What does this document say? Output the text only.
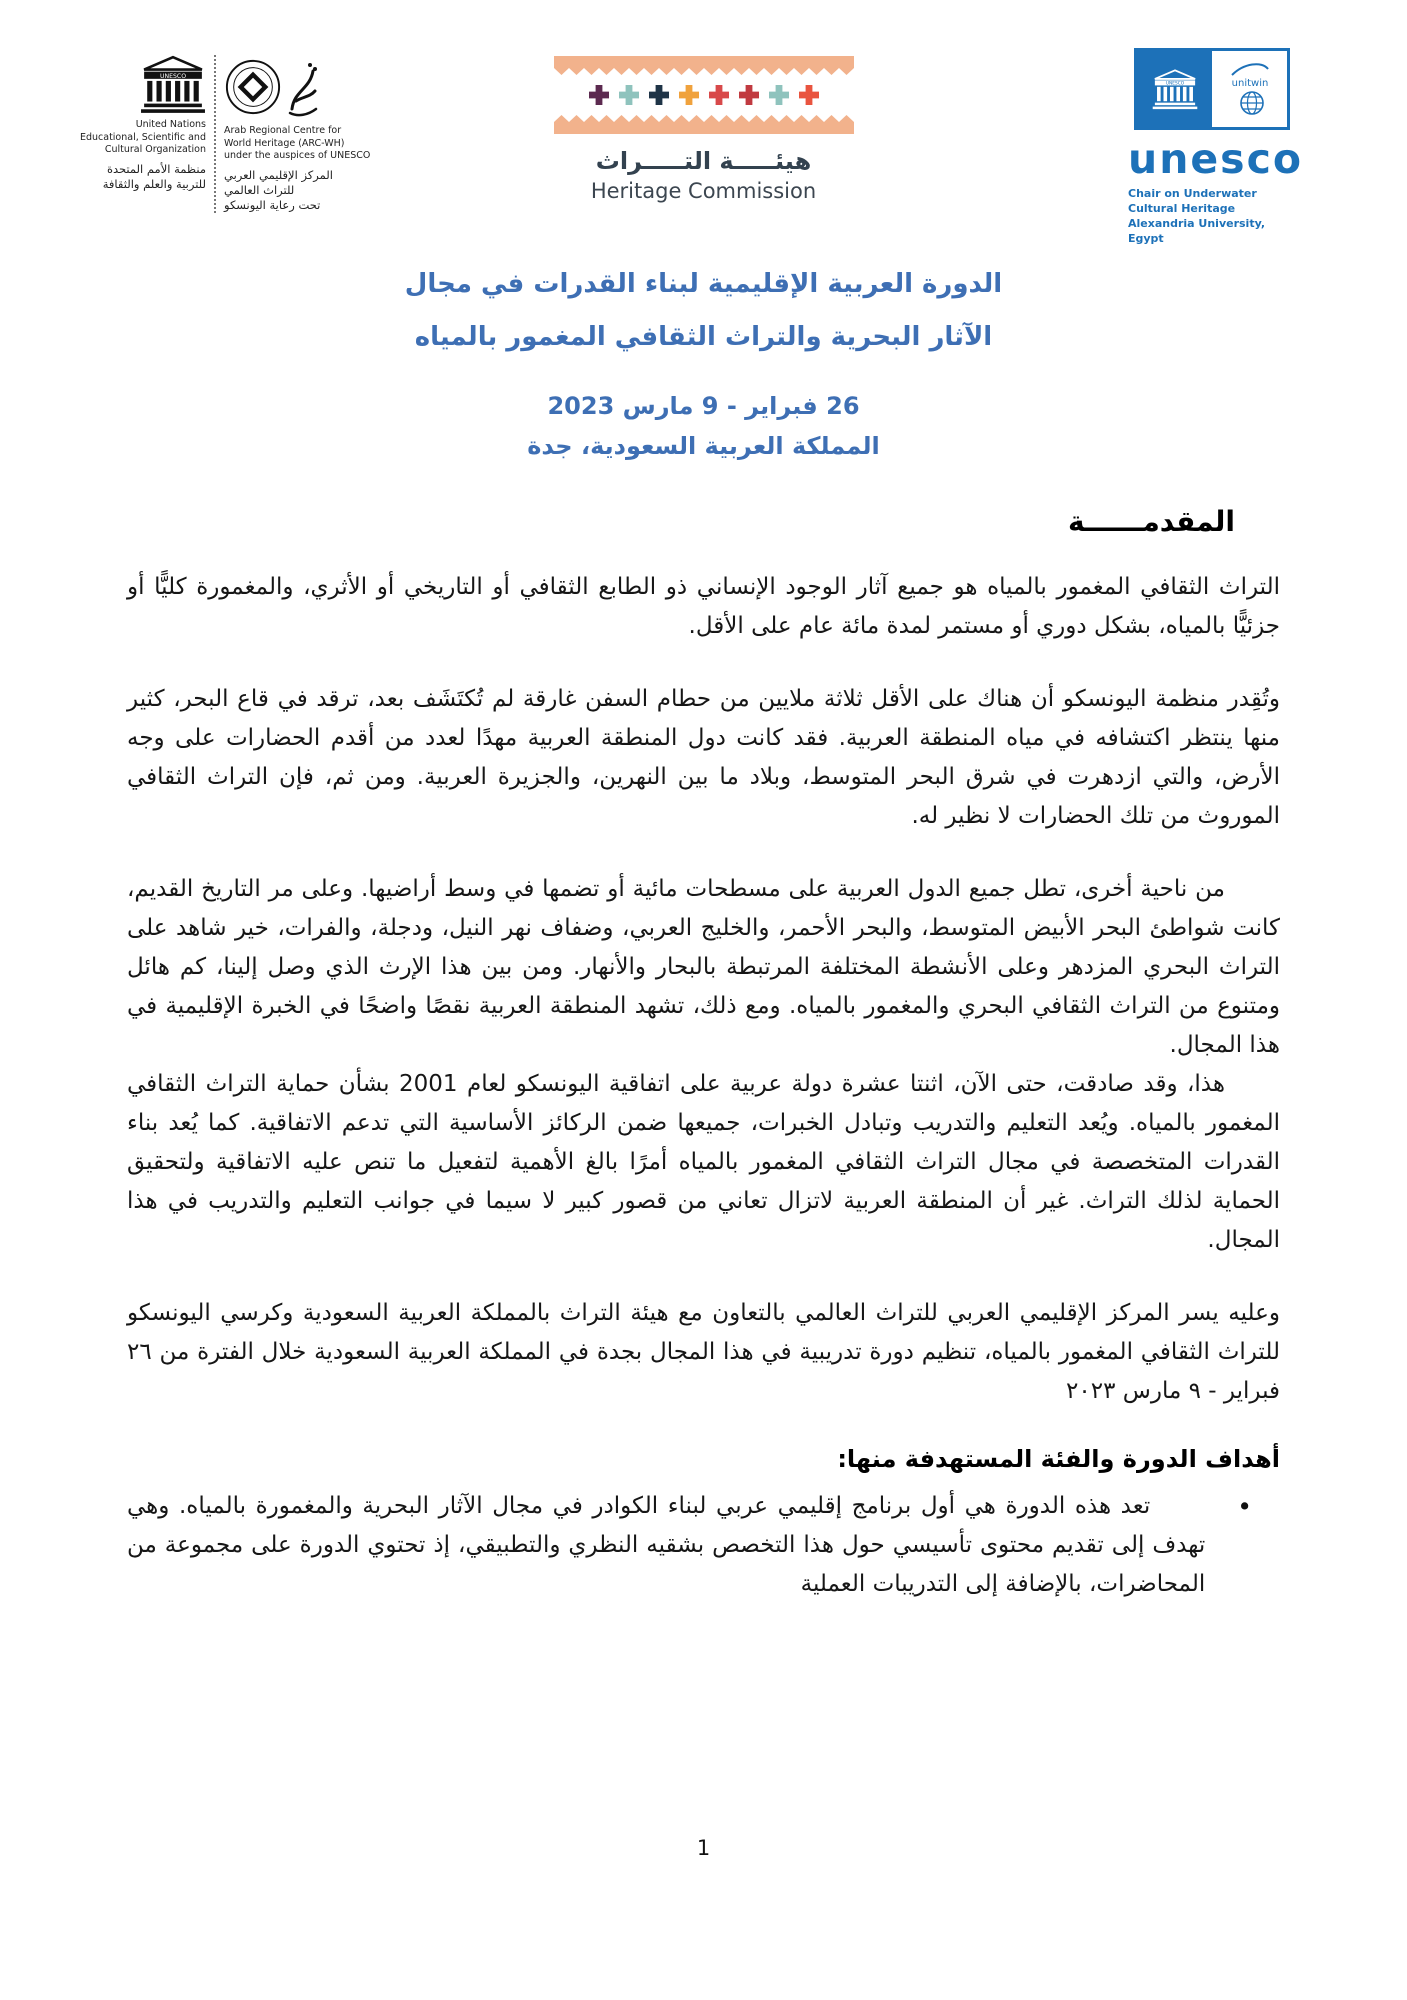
UNESCO
United Nations
Educational, Scientific and
Cultural Organization
منظمة الأمم المتحدة
للتربية والعلم والثقافة
Arab Regional Centre for
World Heritage (ARC-WH)
under the auspices of UNESCO
المركز الإقليمي العربي
للتراث العالمي
تحت رعاية اليونسكو
هيئـــــة التـــــراث
Heritage Commission
UNESCO	unitwin
unesco
Chair on Underwater Cultural Heritage
Alexandria University, Egypt
الدورة العربية الإقليمية لبناء القدرات في مجال
الآثار البحرية والتراث الثقافي المغمور بالمياه
26 فبراير - 9 مارس 2023
المملكة العربية السعودية، جدة
المقدمــــــة

التراث الثقافي المغمور بالمياه هو جميع آثار الوجود الإنساني ذو الطابع الثقافي أو التاريخي أو الأثري، والمغمورة كليًّا أو جزئيًّا بالمياه، بشكل دوري أو مستمر لمدة مائة عام على الأقل.

وتُقِدر منظمة اليونسكو أن هناك على الأقل ثلاثة ملايين من حطام السفن غارقة لم تُكتَشَف بعد، ترقد في قاع البحر، كثير منها ينتظر اكتشافه في مياه المنطقة العربية. فقد كانت دول المنطقة العربية مهدًا لعدد من أقدم الحضارات على وجه الأرض، والتي ازدهرت في شرق البحر المتوسط، وبلاد ما بين النهرين، والجزيرة العربية. ومن ثم، فإن التراث الثقافي الموروث من تلك الحضارات لا نظير له.

من ناحية أخرى، تطل جميع الدول العربية على مسطحات مائية أو تضمها في وسط أراضيها. وعلى مر التاريخ القديم، كانت شواطئ البحر الأبيض المتوسط، والبحر الأحمر، والخليج العربي، وضفاف نهر النيل، ودجلة، والفرات، خير شاهد على التراث البحري المزدهر وعلى الأنشطة المختلفة المرتبطة بالبحار والأنهار. ومن بين هذا الإرث الذي وصل إلينا، كم هائل ومتنوع من التراث الثقافي البحري والمغمور بالمياه. ومع ذلك، تشهد المنطقة العربية نقصًا واضحًا في الخبرة الإقليمية في هذا المجال.

هذا، وقد صادقت، حتى الآن، اثنتا عشرة دولة عربية على اتفاقية اليونسكو لعام 2001 بشأن حماية التراث الثقافي المغمور بالمياه. ويُعد التعليم والتدريب وتبادل الخبرات، جميعها ضمن الركائز الأساسية التي تدعم الاتفاقية. كما يُعد بناء القدرات المتخصصة في مجال التراث الثقافي المغمور بالمياه أمرًا بالغ الأهمية لتفعيل ما تنص عليه الاتفاقية ولتحقيق الحماية لذلك التراث. غير أن المنطقة العربية لاتزال تعاني من قصور كبير لا سيما في جوانب التعليم والتدريب في هذا المجال.

وعليه يسر المركز الإقليمي العربي للتراث العالمي بالتعاون مع هيئة التراث بالمملكة العربية السعودية وكرسي اليونسكو للتراث الثقافي المغمور بالمياه، تنظيم دورة تدريبية في هذا المجال بجدة في المملكة العربية السعودية خلال الفترة من ٢٦ فبراير - ٩ مارس ٢٠٢٣

أهداف الدورة والفئة المستهدفة منها:
•
تعد هذه الدورة هي أول برنامج إقليمي عربي لبناء الكوادر في مجال الآثار البحرية والمغمورة بالمياه. وهي تهدف إلى تقديم محتوى تأسيسي حول هذا التخصص بشقيه النظري والتطبيقي، إذ تحتوي الدورة على مجموعة من المحاضرات، بالإضافة إلى التدريبات العملية
1
